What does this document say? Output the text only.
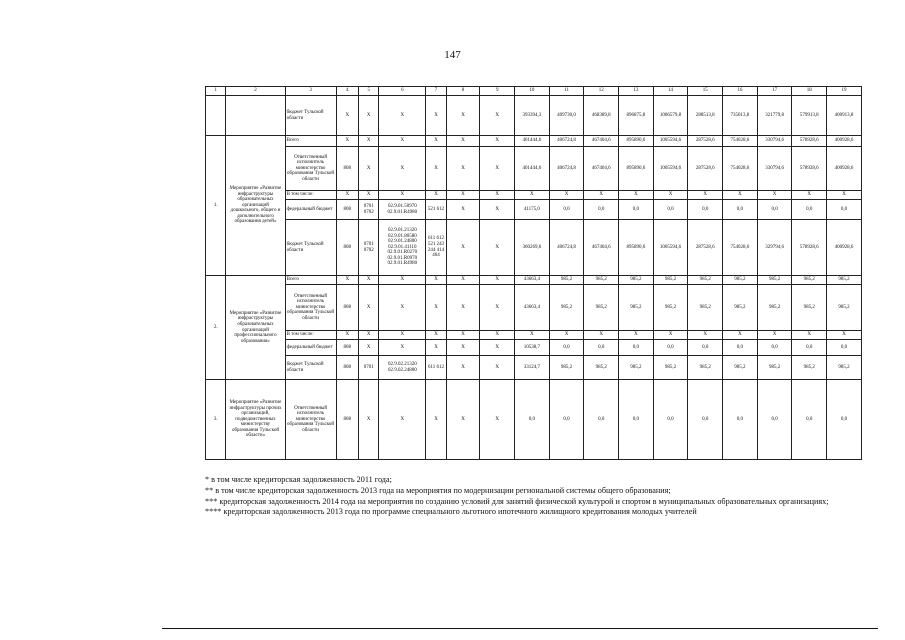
147
1	2	3	4	5	6	7	8	9	10	11	12	13	14	15	16	17	18	19
		бюджет Тульской области	Х	Х	Х	Х	Х	Х	393394,3	409730,0	468389,8	896875,8	1006579,8	288513,8	735013,8	321779,8	579913,8	400913,8
1.	Мероприятие «Развитие инфраструктуры образовательных организаций дошкольного, общего и дополнительного образования детей»	Всего	Х	Х	Х	Х	Х	Х	401444,6	406724,8	467404,6	895890,6	1005594,6	287528,6	754028,6	330794,6	578928,6	400928,6
		Ответственный исполнитель министерство образования Тульской области	808	Х	Х	Х	Х	Х	401444,6	406724,8	467404,6	895890,6	1005594,6	287528,6	754028,6	330794,6	578928,6	400928,6
		В том числе:	Х	Х	Х	Х	Х	Х	Х	Х	Х	Х	Х	Х	Х	Х	Х	Х
		федеральный бюджет	808	0701 0702	02.9.01.50970 02.9.01.R4980	521 612	Х	Х	41175,0	0,0	0,0	0,0	0,0	0,0	0,0	0,0	0,0	0,0
		бюджет Тульской области	808	0701 0702	02.9.01.21320 02.9.01.80580 02.9.01.24800 02.9.01.41110 02.9.01.R0270 02.9.01.R0970 02.9.01.R4980	611 612 521 243 244 414 464	Х	Х	360269,6	406724,8	467404,6	895890,6	1005594,6	287528,6	754028,6	329794,6	578928,6	400928,6
2.	Мероприятие «Развитие инфраструктуры образовательных организаций профессионального образования»	Всего	Х	Х	Х	Х	Х	Х	43663,4	985,2	985,2	985,2	985,2	985,2	985,2	985,2	985,2	985,2
		Ответственный исполнитель министерство образования Тульской области	808	Х	Х	Х	Х	Х	43663,4	985,2	985,2	985,2	985,2	985,2	985,2	985,2	985,2	985,2
		В том числе:	Х	Х	Х	Х	Х	Х	Х	Х	Х	Х	Х	Х	Х	Х	Х	Х
		федеральный бюджет	808	Х	Х	Х	Х	Х	10538,7	0,0	0,0	0,0	0,0	0,0	0,0	0,0	0,0	0,0
		бюджет Тульской области	808	0701	02.9.02.21320 02.9.02.24800	611 612	Х	Х	33124,7	985,2	985,2	985,2	985,2	985,2	985,2	985,2	985,2	985,2
3.	Мероприятие «Развитие инфраструктуры прочих организаций, подведомственных министерству образования Тульской области»	Ответственный исполнитель министерство образования Тульской области	808	Х	Х	Х	Х	Х	0,0	0,0	0,0	0,0	0,0	0,0	0,0	0,0	0,0	0,0

* в том числе кредиторская задолженность 2011 года;

** в том числе кредиторская задолженность 2013 года на мероприятия по модернизации региональной системы общего образования;

*** кредиторская задолженность 2014 года на мероприятия по созданию условий для занятий физической культурой и спортом в муниципальных образовательных организациях;

**** кредиторская задолженность 2013 года по программе специального льготного ипотечного жилищного кредитования молодых учителей
